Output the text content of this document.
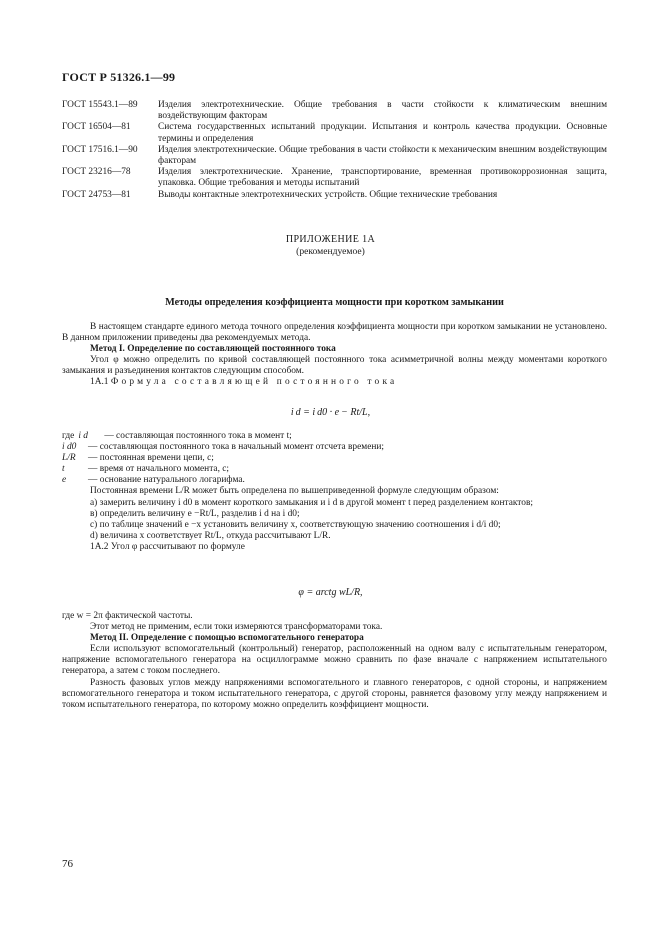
ГОСТ Р 51326.1—99
ГОСТ 15543.1—89	Изделия электротехнические. Общие требования в части стойкости к климатическим внешним воздействующим факторам
ГОСТ 16504—81	Система государственных испытаний продукции. Испытания и контроль качества продукции. Основные термины и определения
ГОСТ 17516.1—90	Изделия электротехнические. Общие требования в части стойкости к механическим внешним воздействующим факторам
ГОСТ 23216—78	Изделия электротехнические. Хранение, транспортирование, временная противокоррозионная защита, упаковка. Общие требования и методы испытаний
ГОСТ 24753—81	Выводы контактные электротехнических устройств. Общие технические требования
ПРИЛОЖЕНИЕ 1А
(рекомендуемое)
Методы определения коэффициента мощности при коротком замыкании

В настоящем стандарте единого метода точного определения коэффициента мощности при коротком замыкании не установлено. В данном приложении приведены два рекомендуемых метода.

Метод I. Определение по составляющей постоянного тока

Угол φ можно определить по кривой составляющей постоянного тока асимметричной волны между моментами короткого замыкания и разъединения контактов следующим способом.

1А.1 Формула составляющей постоянного тока

i d = i d0 · e − Rt/L,
где i d	— составляющая постоянного тока в момент t;
i d0	— составляющая постоянного тока в начальный момент отсчета времени;
L/R	— постоянная времени цепи, с;
t	— время от начального момента, с;
e	— основание натурального логарифма.

Постоянная времени L/R может быть определена по вышеприведенной формуле следующим образом:

а) замерить величину i d0 в момент короткого замыкания и i d в другой момент t перед разделением контактов;

в) определить величину e −Rt/L, разделив i d на i d0;

с) по таблице значений e −x установить величину x, соответствующую значению соотношения i d/i d0;

d) величина x соответствует Rt/L, откуда рассчитывают L/R.

1А.2 Угол φ рассчитывают по формуле

φ = arctg wL/R,

где w = 2π фактической частоты.

Этот метод не применим, если токи измеряются трансформаторами тока.

Метод II. Определение с помощью вспомогательного генератора

Если используют вспомогательный (контрольный) генератор, расположенный на одном валу с испытательным генератором, напряжение вспомогательного генератора на осциллограмме можно сравнить по фазе вначале с напряжением испытательного генератора, а затем с током последнего.

Разность фазовых углов между напряжениями вспомогательного и главного генераторов, с одной стороны, и напряжением вспомогательного генератора и током испытательного генератора, с другой стороны, равняется фазовому углу между напряжением и током испытательного генератора, по которому можно определить коэффициент мощности.

76
